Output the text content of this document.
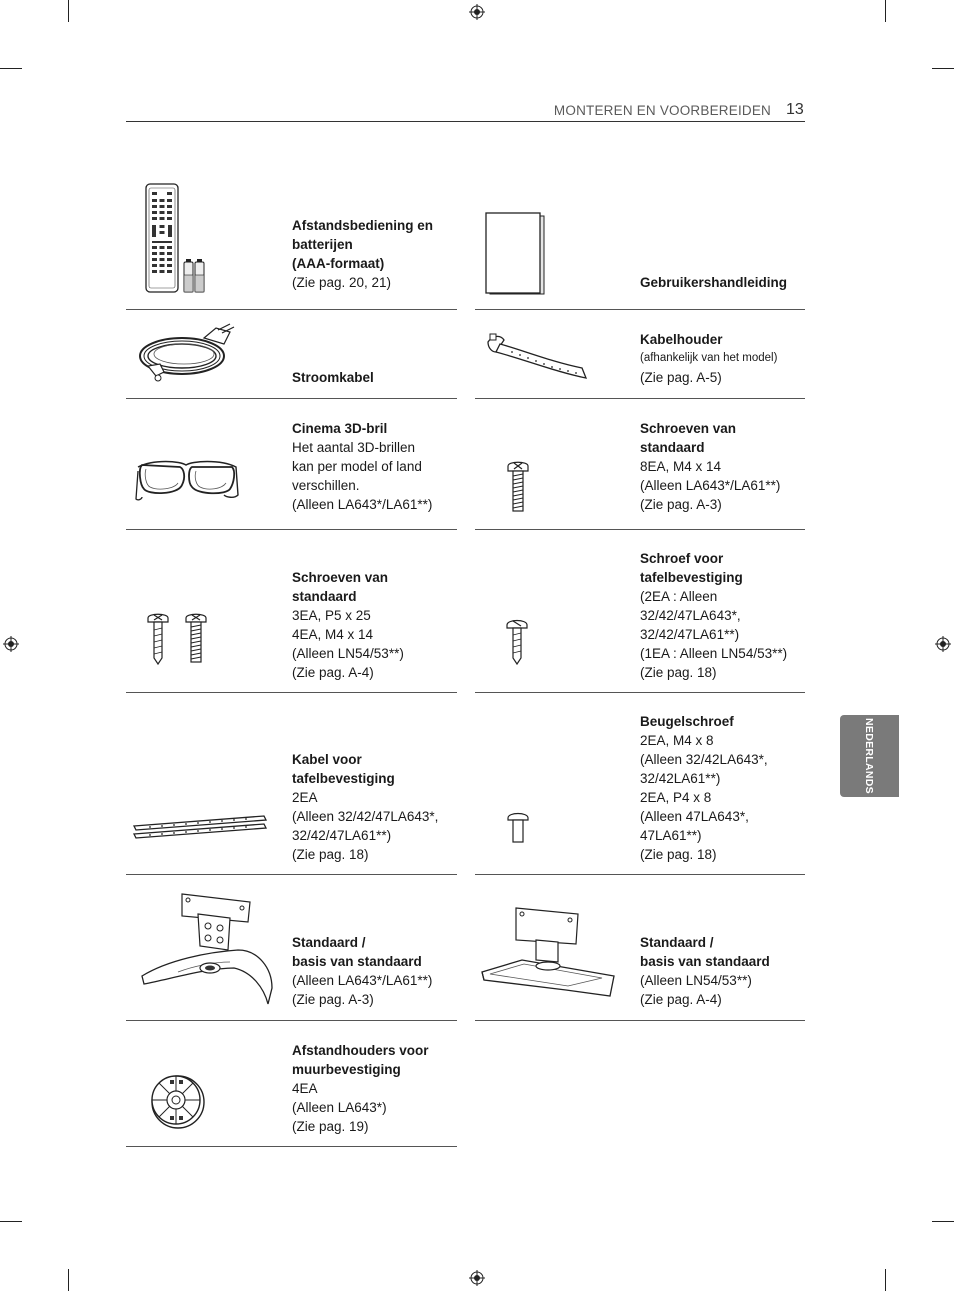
MONTEREN EN VOORBEREIDEN 13
NEDERLANDS
Afstandsbediening en
batterijen
(AAA-formaat)
(Zie pag. 20, 21)	Gebruikershandleiding
Stroomkabel
Kabelhouder
(afhankelijk van het model)
(Zie pag. A-5)
Cinema 3D-bril
Het aantal 3D-brillen
kan per model of land
verschillen.
(Alleen LA643*/LA61**)
Schroeven van
standaard
8EA, M4 x 14
(Alleen LA643*/LA61**)
(Zie pag. A-3)
Schroeven van
standaard
3EA, P5 x 25
4EA, M4 x 14
(Alleen LN54/53**)
(Zie pag. A-4)
Schroef voor
tafelbevestiging
(2EA : Alleen
32/42/47LA643*,
32/42/47LA61**)
(1EA : Alleen LN54/53**)
(Zie pag. 18)
Kabel voor
tafelbevestiging
2EA
(Alleen 32/42/47LA643*,
32/42/47LA61**)
(Zie pag. 18)
Beugelschroef
2EA, M4 x 8
(Alleen 32/42LA643*,
32/42LA61**)
2EA, P4 x 8
(Alleen 47LA643*,
47LA61**)
(Zie pag. 18)
Standaard /
basis van standaard
(Alleen LA643*/LA61**)
(Zie pag. A-3)
Standaard /
basis van standaard
(Alleen LN54/53**)
(Zie pag. A-4)
Afstandhouders voor
muurbevestiging
4EA
(Alleen LA643*)
(Zie pag. 19)
